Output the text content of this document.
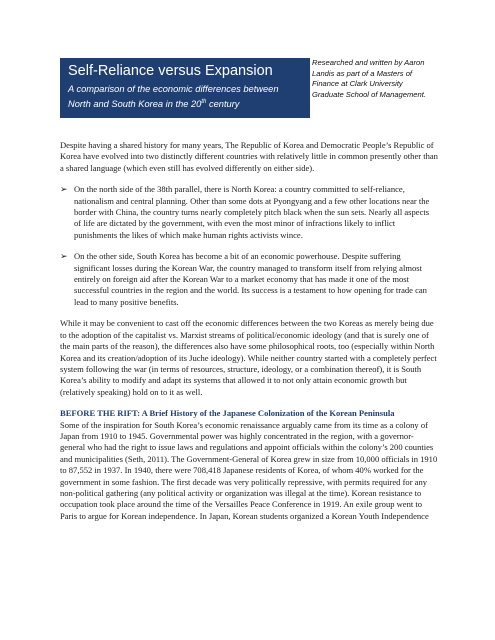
Self-Reliance versus Expansion
A comparison of the economic differences between North and South Korea in the 20th century
Researched and written by Aaron Landis as part of a Masters of Finance at Clark University Graduate School of Management.

Despite having a shared history for many years, The Republic of Korea and Democratic People’s Republic of Korea have evolved into two distinctly different countries with relatively little in common presently other than a shared language (which even still has evolved differently on either side).

➢ On the north side of the 38th parallel, there is North Korea: a country committed to self-reliance, nationalism and central planning. Other than some dots at Pyongyang and a few other locations near the border with China, the country turns nearly completely pitch black when the sun sets. Nearly all aspects of life are dictated by the government, with even the most minor of infractions likely to inflict punishments the likes of which make human rights activists wince.
➢ On the other side, South Korea has become a bit of an economic powerhouse. Despite suffering significant losses during the Korean War, the country managed to transform itself from relying almost entirely on foreign aid after the Korean War to a market economy that has made it one of the most successful countries in the region and the world. Its success is a testament to how opening for trade can lead to many positive benefits.

While it may be convenient to cast off the economic differences between the two Koreas as merely being due to the adoption of the capitalist vs. Marxist streams of political/economic ideology (and that is surely one of the main parts of the reason), the differences also have some philosophical roots, too (especially within North Korea and its creation/adoption of its Juche ideology). While neither country started with a completely perfect system following the war (in terms of resources, structure, ideology, or a combination thereof), it is South Korea’s ability to modify and adapt its systems that allowed it to not only attain economic growth but (relatively speaking) hold on to it as well.

BEFORE THE RIFT: A Brief History of the Japanese Colonization of the Korean Peninsula

Some of the inspiration for South Korea’s economic renaissance arguably came from its time as a colony of Japan from 1910 to 1945. Governmental power was highly concentrated in the region, with a governor-general who had the right to issue laws and regulations and appoint officials within the colony’s 200 counties and municipalities (Seth, 2011). The Government-General of Korea grew in size from 10,000 officials in 1910 to 87,552 in 1937. In 1940, there were 708,418 Japanese residents of Korea, of whom 40% worked for the government in some fashion. The first decade was very politically repressive, with permits required for any non-political gathering (any political activity or organization was illegal at the time). Korean resistance to occupation took place around the time of the Versailles Peace Conference in 1919. An exile group went to Paris to argue for Korean independence. In Japan, Korean students organized a Korean Youth Independence
